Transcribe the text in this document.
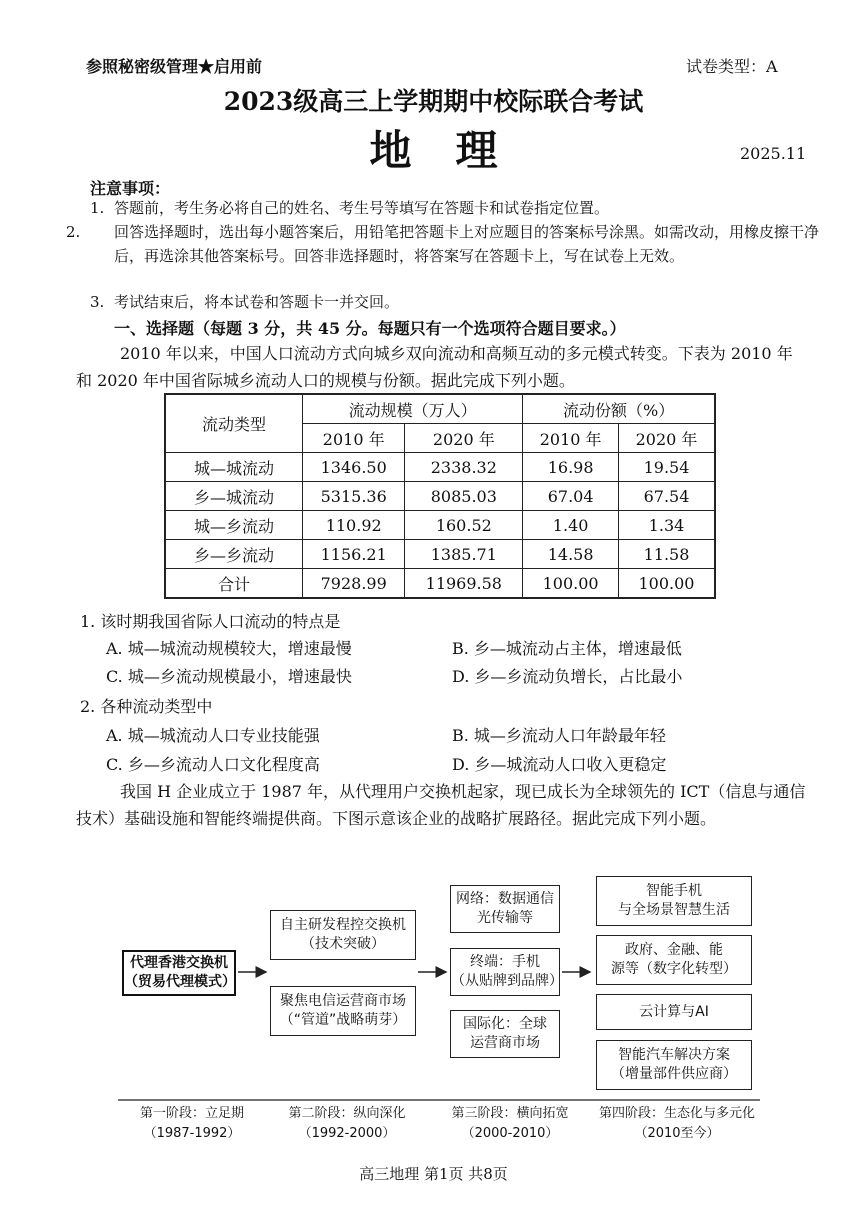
参照秘密级管理★启用前	试卷类型：A
2023级高三上学期期中校际联合考试
地理	2025.11
注意事项：
1. 答题前，考生务必将自己的姓名、考生号等填写在答题卡和试卷指定位置。
2. 回答选择题时，选出每小题答案后，用铅笔把答题卡上对应题目的答案标号涂黑。如需改动，用橡皮擦干净后，再选涂其他答案标号。回答非选择题时，将答案写在答题卡上，写在试卷上无效。
3. 考试结束后，将本试卷和答题卡一并交回。
一、选择题（每题 3 分，共 45 分。每题只有一个选项符合题目要求。）
2010 年以来，中国人口流动方式向城乡双向流动和高频互动的多元模式转变。下表为 2010 年和 2020 年中国省际城乡流动人口的规模与份额。据此完成下列小题。
流动类型	流动规模（万人）		流动份额（%）	
	2010 年	2020 年	2010 年	2020 年
城—城流动	1346.50	2338.32	16.98	19.54
乡—城流动	5315.36	8085.03	67.04	67.54
城—乡流动	110.92	160.52	1.40	1.34
乡—乡流动	1156.21	1385.71	14.58	11.58
合计	7928.99	11969.58	100.00	100.00
1. 该时期我国省际人口流动的特点是
A. 城—城流动规模较大，增速最慢	B. 乡—城流动占主体，增速最低
C. 城—乡流动规模最小，增速最快	D. 乡—乡流动负增长，占比最小
2. 各种流动类型中
A. 城—城流动人口专业技能强	B. 城—乡流动人口年龄最年轻
C. 乡—乡流动人口文化程度高	D. 乡—城流动人口收入更稳定
我国 H 企业成立于 1987 年，从代理用户交换机起家，现已成长为全球领先的 ICT（信息与通信技术）基础设施和智能终端提供商。下图示意该企业的战略扩展路径。据此完成下列小题。
代理香港交换机
（贸易代理模式）
自主研发程控交换机
（技术突破）
聚焦电信运营商市场
（“管道”战略萌芽）
网络：数据通信
光传输等
终端：手机
（从贴牌到品牌）
国际化：全球
运营商市场
智能手机
与全场景智慧生活
政府、金融、能
源等（数字化转型）
云计算与AI
智能汽车解决方案
（增量部件供应商）
第一阶段：立足期
（1987-1992）
第二阶段：纵向深化
（1992-2000）
第三阶段：横向拓宽
（2000-2010）
第四阶段：生态化与多元化
（2010至今）
高三地理 第1页 共8页
